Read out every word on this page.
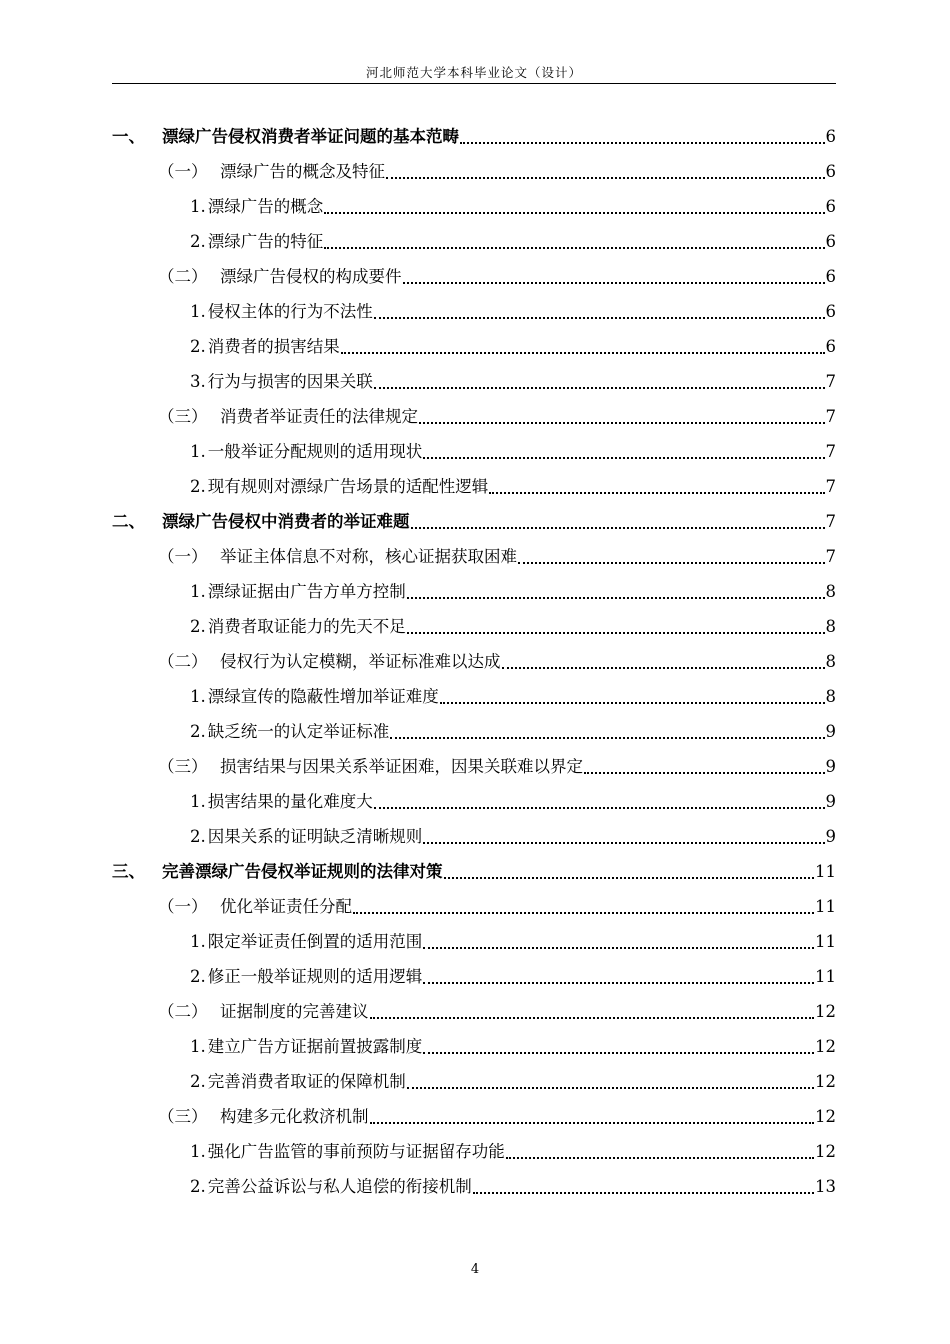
河北师范大学本科毕业论文（设计）
一、	漂绿广告侵权消费者举证问题的基本范畴	6
（一） 漂绿广告的概念及特征	6
1. 漂绿广告的概念	6
2. 漂绿广告的特征	6
（二） 漂绿广告侵权的构成要件	6
1. 侵权主体的行为不法性	6
2. 消费者的损害结果	6
3. 行为与损害的因果关联	7
（三） 消费者举证责任的法律规定	7
1. 一般举证分配规则的适用现状	7
2. 现有规则对漂绿广告场景的适配性逻辑	7
二、	漂绿广告侵权中消费者的举证难题	7
（一） 举证主体信息不对称，核心证据获取困难	7
1. 漂绿证据由广告方单方控制	8
2. 消费者取证能力的先天不足	8
（二） 侵权行为认定模糊，举证标准难以达成	8
1. 漂绿宣传的隐蔽性增加举证难度	8
2. 缺乏统一的认定举证标准	9
（三） 损害结果与因果关系举证困难，因果关联难以界定	9
1. 损害结果的量化难度大	9
2. 因果关系的证明缺乏清晰规则	9
三、	完善漂绿广告侵权举证规则的法律对策	11
（一） 优化举证责任分配	11
1. 限定举证责任倒置的适用范围	11
2. 修正一般举证规则的适用逻辑	11
（二） 证据制度的完善建议	12
1. 建立广告方证据前置披露制度	12
2. 完善消费者取证的保障机制	12
（三） 构建多元化救济机制	12
1. 强化广告监管的事前预防与证据留存功能	12
2. 完善公益诉讼与私人追偿的衔接机制	13
4
